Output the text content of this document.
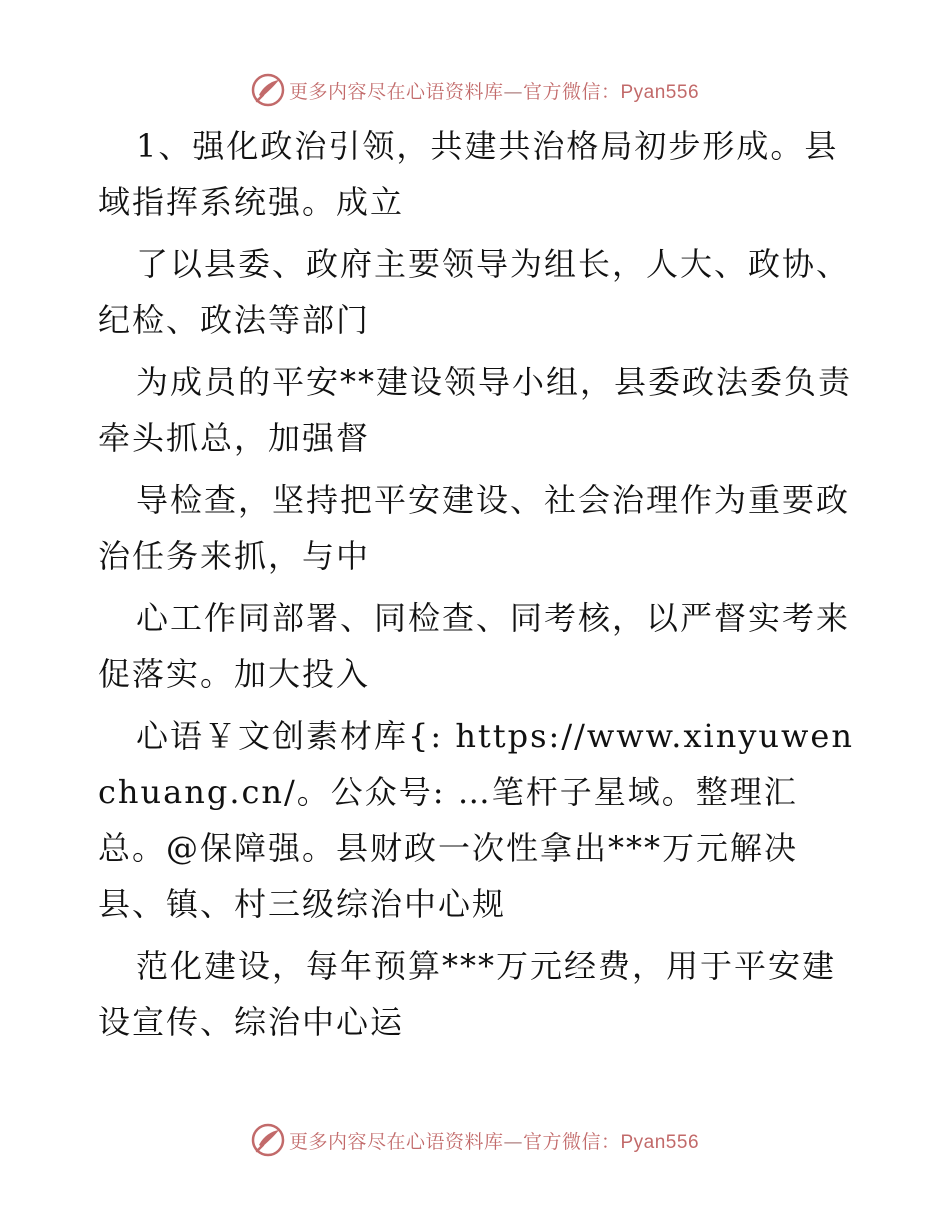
更多内容尽在心语资料库—官方微信：Pyan556

1、强化政治引领，共建共治格局初步形成。县域指挥系统强。成立

了以县委、政府主要领导为组长，人大、政协、纪检、政法等部门

为成员的平安**建设领导小组，县委政法委负责牵头抓总，加强督

导检查，坚持把平安建设、社会治理作为重要政治任务来抓，与中

心工作同部署、同检查、同考核，以严督实考来促落实。加大投入

心语￥文创素材库{: https://www.xinyuwenchuang.cn/。公众号: …笔杆子星域。整理汇总。@保障强。县财政一次性拿出***万元解决县、镇、村三级综治中心规

范化建设，每年预算***万元经费，用于平安建设宣传、综治中心运

更多内容尽在心语资料库—官方微信：Pyan556
